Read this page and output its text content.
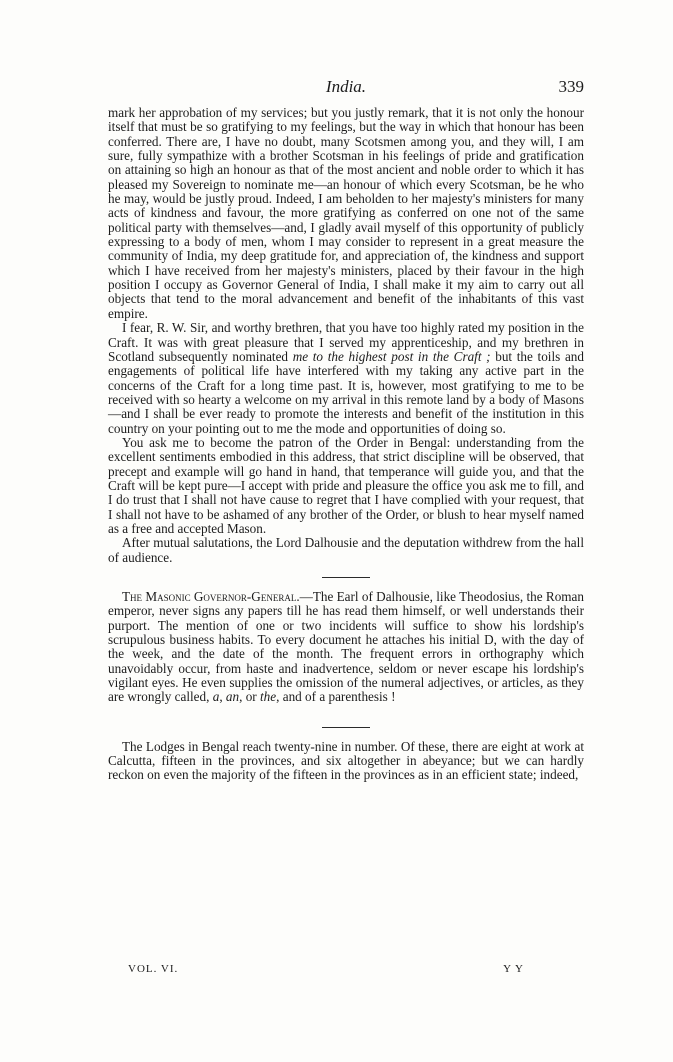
India.	339

mark her approbation of my services; but you justly remark, that it is not only the honour itself that must be so gratifying to my feelings, but the way in which that honour has been conferred. There are, I have no doubt, many Scotsmen among you, and they will, I am sure, fully sympathize with a brother Scotsman in his feelings of pride and gratification on attaining so high an honour as that of the most ancient and noble order to which it has pleased my Sovereign to nominate me—an honour of which every Scotsman, be he who he may, would be justly proud. Indeed, I am beholden to her majesty's ministers for many acts of kindness and favour, the more gratifying as conferred on one not of the same political party with themselves—and, I gladly avail myself of this opportunity of publicly expressing to a body of men, whom I may consider to represent in a great measure the community of India, my deep gratitude for, and appreciation of, the kindness and support which I have received from her majesty's ministers, placed by their favour in the high position I occupy as Governor General of India, I shall make it my aim to carry out all objects that tend to the moral advancement and benefit of the inhabitants of this vast empire.

I fear, R. W. Sir, and worthy brethren, that you have too highly rated my position in the Craft. It was with great pleasure that I served my apprenticeship, and my brethren in Scotland subsequently nominated me to the highest post in the Craft ; but the toils and engagements of political life have interfered with my taking any active part in the concerns of the Craft for a long time past. It is, however, most gratifying to me to be received with so hearty a welcome on my arrival in this remote land by a body of Masons—and I shall be ever ready to promote the interests and benefit of the institution in this country on your pointing out to me the mode and opportunities of doing so.

You ask me to become the patron of the Order in Bengal: understanding from the excellent sentiments embodied in this address, that strict discipline will be observed, that precept and example will go hand in hand, that temperance will guide you, and that the Craft will be kept pure—I accept with pride and pleasure the office you ask me to fill, and I do trust that I shall not have cause to regret that I have complied with your request, that I shall not have to be ashamed of any brother of the Order, or blush to hear myself named as a free and accepted Mason.

After mutual salutations, the Lord Dalhousie and the deputation withdrew from the hall of audience.

The Masonic Governor-General.—The Earl of Dalhousie, like Theodosius, the Roman emperor, never signs any papers till he has read them himself, or well understands their purport. The mention of one or two incidents will suffice to show his lordship's scrupulous business habits. To every document he attaches his initial D, with the day of the week, and the date of the month. The frequent errors in orthography which unavoidably occur, from haste and inadvertence, seldom or never escape his lordship's vigilant eyes. He even supplies the omission of the numeral adjectives, or articles, as they are wrongly called, a, an, or the, and of a parenthesis !

The Lodges in Bengal reach twenty-nine in number. Of these, there are eight at work at Calcutta, fifteen in the provinces, and six altogether in abeyance; but we can hardly reckon on even the majority of the fifteen in the provinces as in an efficient state; indeed,

VOL. VI.	Y Y
